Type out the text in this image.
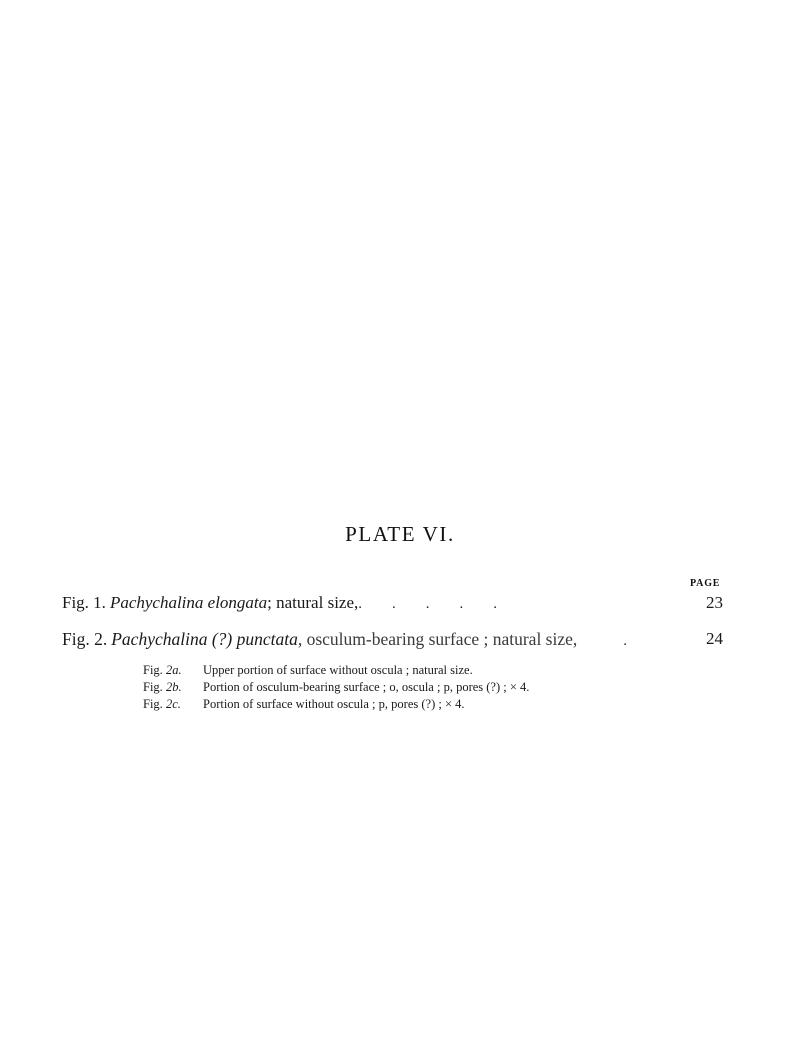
PLATE VI.
PAGE
Fig. 1. Pachychalina elongata; natural size,.        .        .        .        .	23
Fig. 2. Pachychalina (?) punctata, osculum-bearing surface ; natural size,	.	24
Fig. 2a.	Upper portion of surface without oscula ; natural size.
Fig. 2b.	Portion of osculum-bearing surface ; o, oscula ; p, pores (?) ; × 4.
Fig. 2c.	Portion of surface without oscula ; p, pores (?) ; × 4.
